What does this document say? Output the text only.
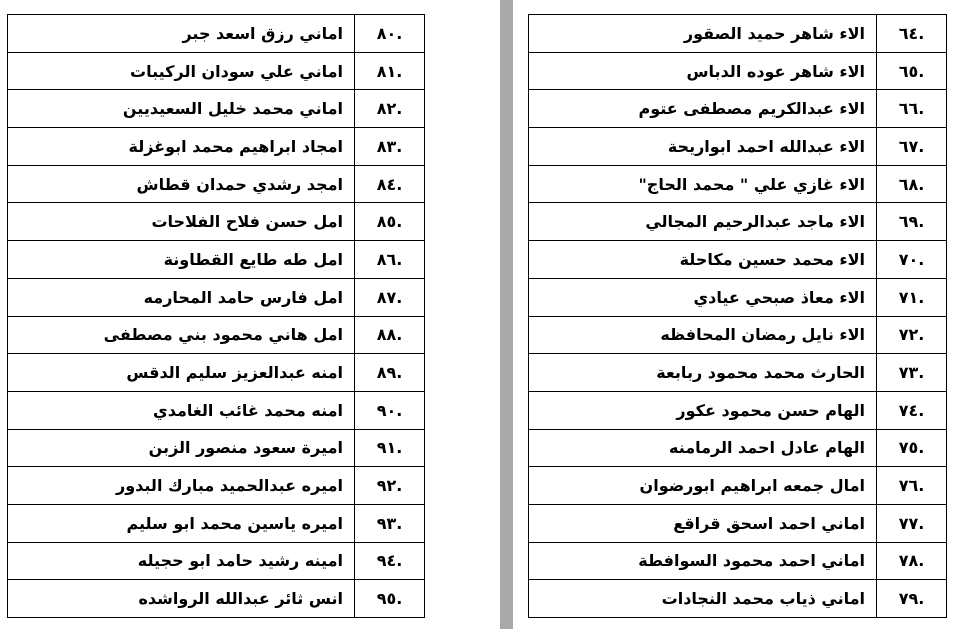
.٨٠	اماني رزق اسعد جبر
.٨١	اماني علي سودان الركيبات
.٨٢	اماني محمد خليل السعيديين
.٨٣	امجاد ابراهيم محمد ابوغزلة
.٨٤	امجد رشدي حمدان قطاش
.٨٥	امل حسن فلاح الفلاحات
.٨٦	امل طه طايع القطاونة
.٨٧	امل فارس حامد المحارمه
.٨٨	امل هاني محمود بني مصطفى
.٨٩	امنه عبدالعزيز سليم الدقس
.٩٠	امنه محمد غائب الغامدي
.٩١	اميرة سعود منصور الزبن
.٩٢	اميره عبدالحميد مبارك البدور
.٩٣	اميره ياسين محمد ابو سليم
.٩٤	امينه رشيد حامد ابو حجيله
.٩٥	انس ثائر عبدالله الرواشده
.٦٤	الاء شاهر حميد الصقور
.٦٥	الاء شاهر عوده الدباس
.٦٦	الاء عبدالكريم مصطفى عتوم
.٦٧	الاء عبدالله احمد ابواريحة
.٦٨	الاء غازي علي " محمد الحاج"
.٦٩	الاء ماجد عبدالرحيم المجالي
.٧٠	الاء محمد حسين مكاحلة
.٧١	الاء معاذ صبحي عيادي
.٧٢	الاء نايل رمضان المحافظه
.٧٣	الحارث محمد محمود ربابعة
.٧٤	الهام حسن محمود عكور
.٧٥	الهام عادل احمد الرمامنه
.٧٦	امال جمعه ابراهيم ابورضوان
.٧٧	اماني احمد اسحق قراقع
.٧٨	اماني احمد محمود السوافطة
.٧٩	اماني ذياب محمد النجادات
